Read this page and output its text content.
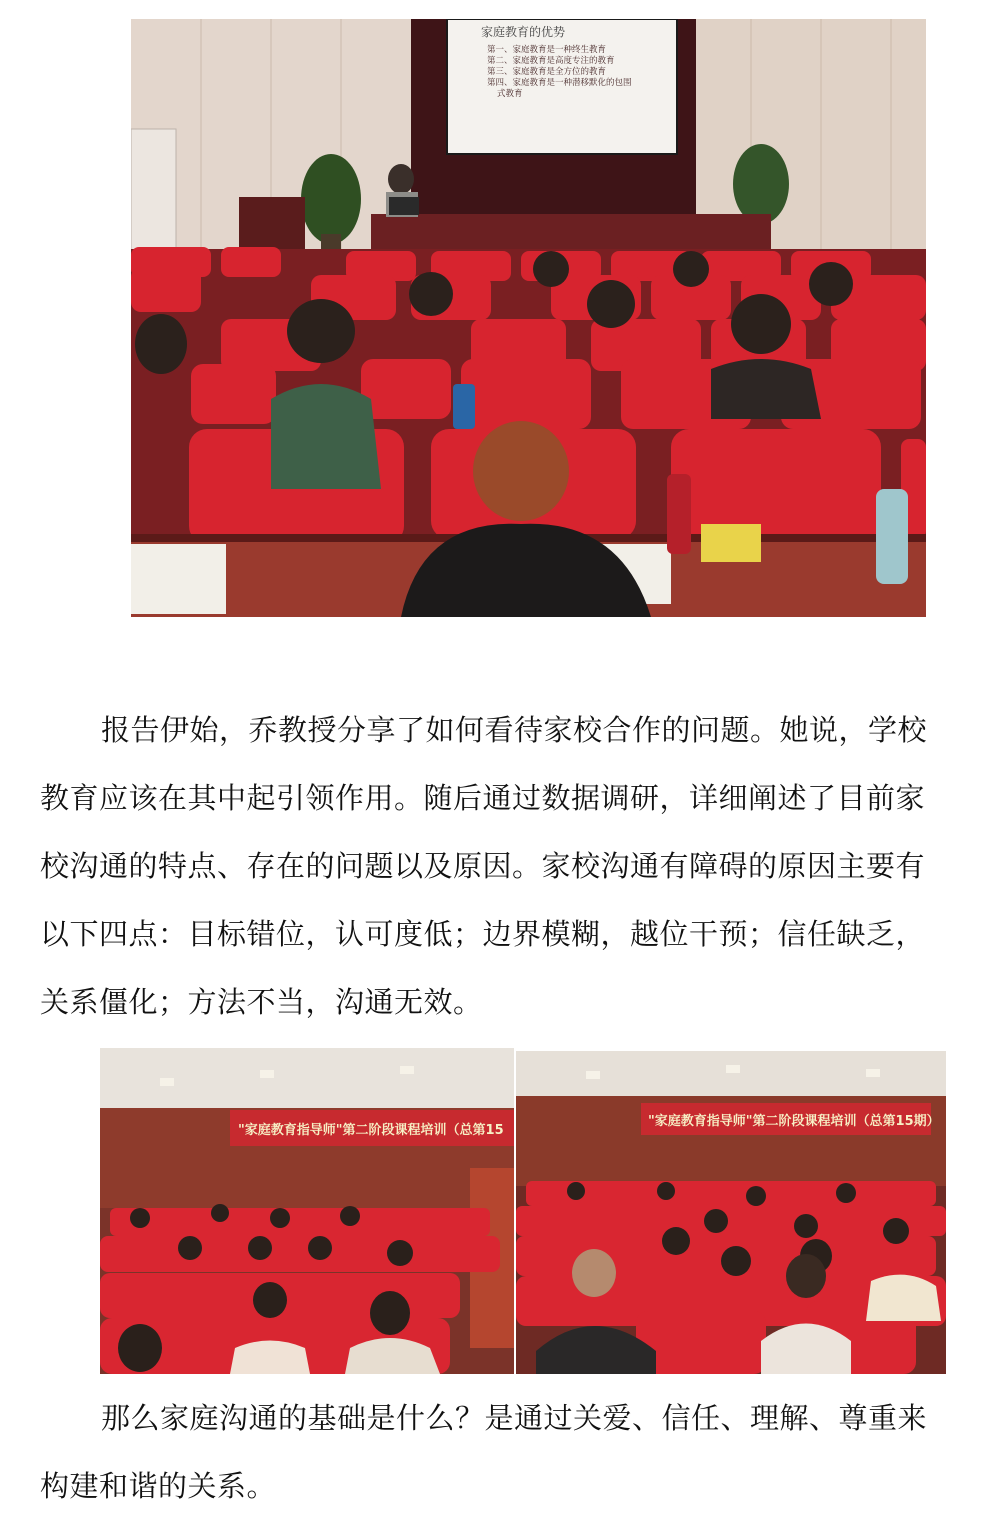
家庭教育的优势
第一、家庭教育是一种终生教育
第二、家庭教育是高度专注的教育
第三、家庭教育是全方位的教育
第四、家庭教育是一种潜移默化的包围
式教育
报告伊始，乔教授分享了如何看待家校合作的问题。她说，学校
教育应该在其中起引领作用。随后通过数据调研，详细阐述了目前家
校沟通的特点、存在的问题以及原因。家校沟通有障碍的原因主要有
以下四点：目标错位，认可度低；边界模糊，越位干预；信任缺乏，
关系僵化；方法不当，沟通无效。
"家庭教育指导师"第二阶段课程培训（总第15
"家庭教育指导师"第二阶段课程培训（总第15期）
那么家庭沟通的基础是什么？是通过关爱、信任、理解、尊重来
构建和谐的关系。
